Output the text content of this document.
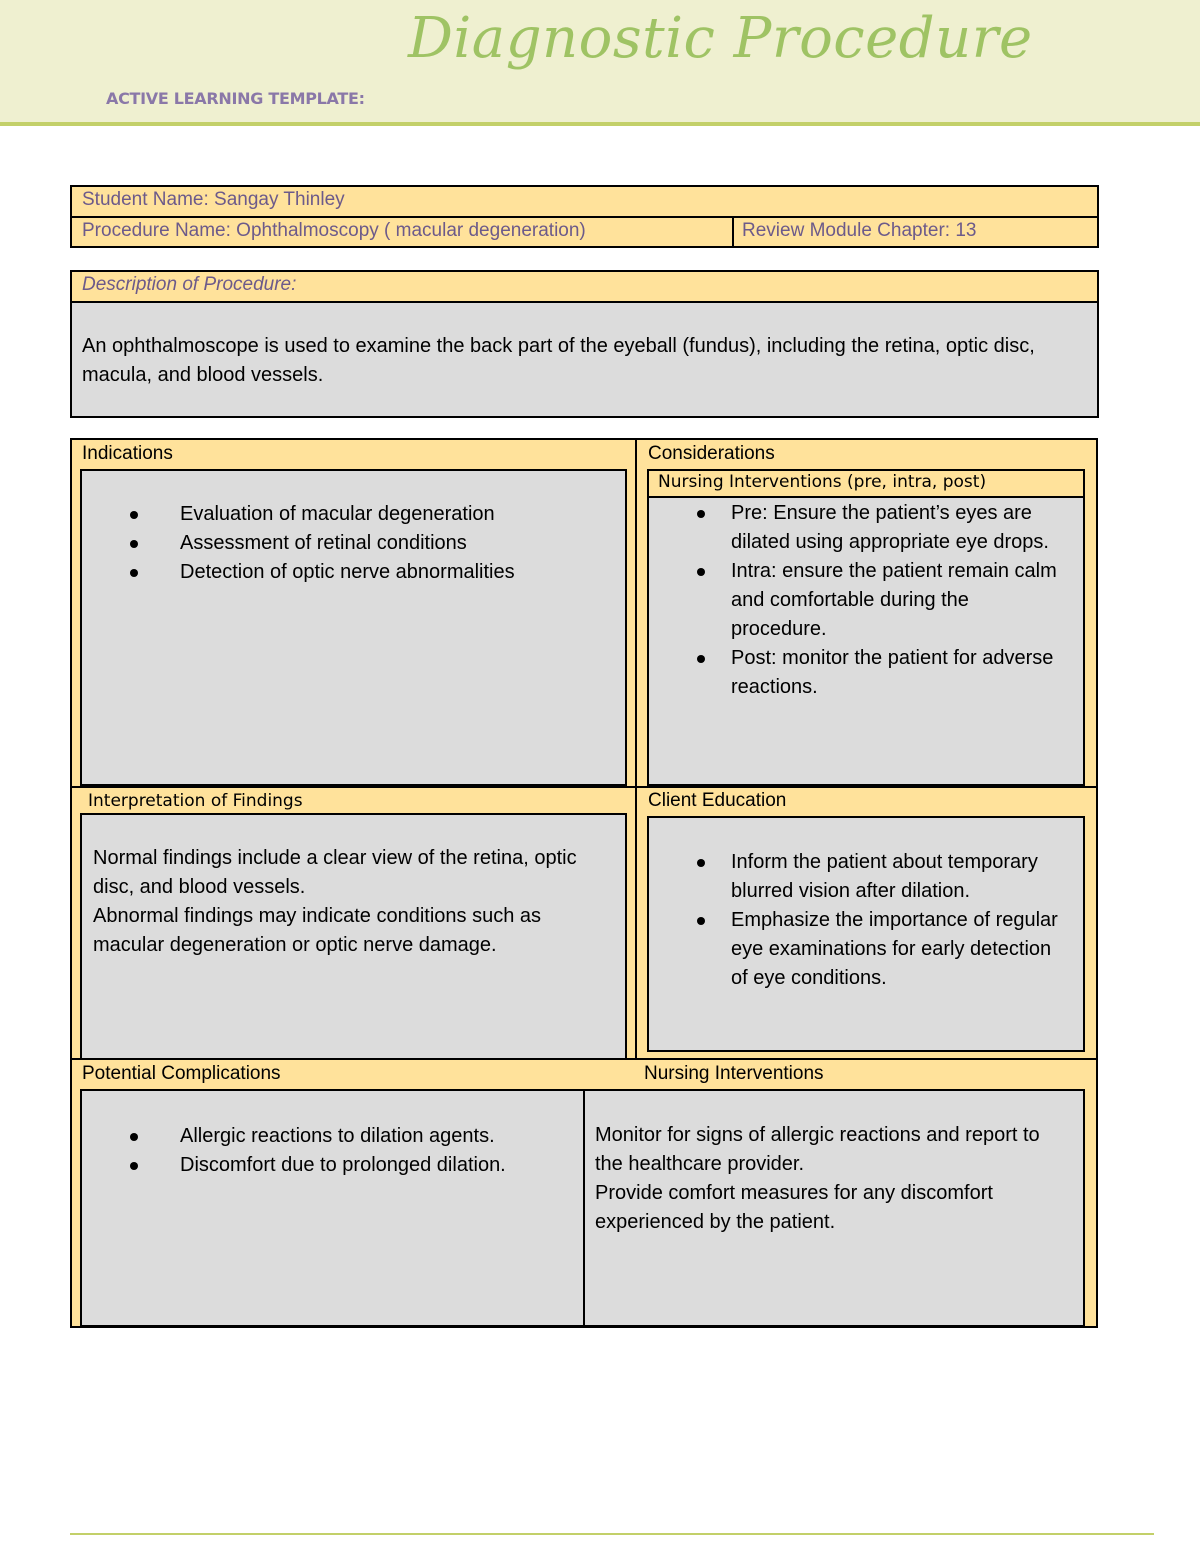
Diagnostic Procedure
ACTIVE LEARNING TEMPLATE:
Student Name: Sangay Thinley
Procedure Name: Ophthalmoscopy ( macular degeneration)	Review Module Chapter: 13
Description of Procedure:
An ophthalmoscope is used to examine the back part of the eyeball (fundus), including the retina, optic disc, macula, and blood vessels.
Indications
Evaluation of macular degeneration
Assessment of retinal conditions
Detection of optic nerve abnormalities
Considerations
Nursing Interventions (pre, intra, post)
Pre: Ensure the patient’s eyes are dilated using appropriate eye drops.
Intra: ensure the patient remain calm and comfortable during the procedure.
Post: monitor the patient for adverse reactions.
Interpretation of Findings
Normal findings include a clear view of the retina, optic disc, and blood vessels.
Abnormal findings may indicate conditions such as macular degeneration or optic nerve damage.
Client Education
Inform the patient about temporary blurred vision after dilation.
Emphasize the importance of regular eye examinations for early detection of eye conditions.
Potential Complications
Allergic reactions to dilation agents.
Discomfort due to prolonged dilation.
Nursing Interventions
Monitor for signs of allergic reactions and report to the healthcare provider.
Provide comfort measures for any discomfort experienced by the patient.
